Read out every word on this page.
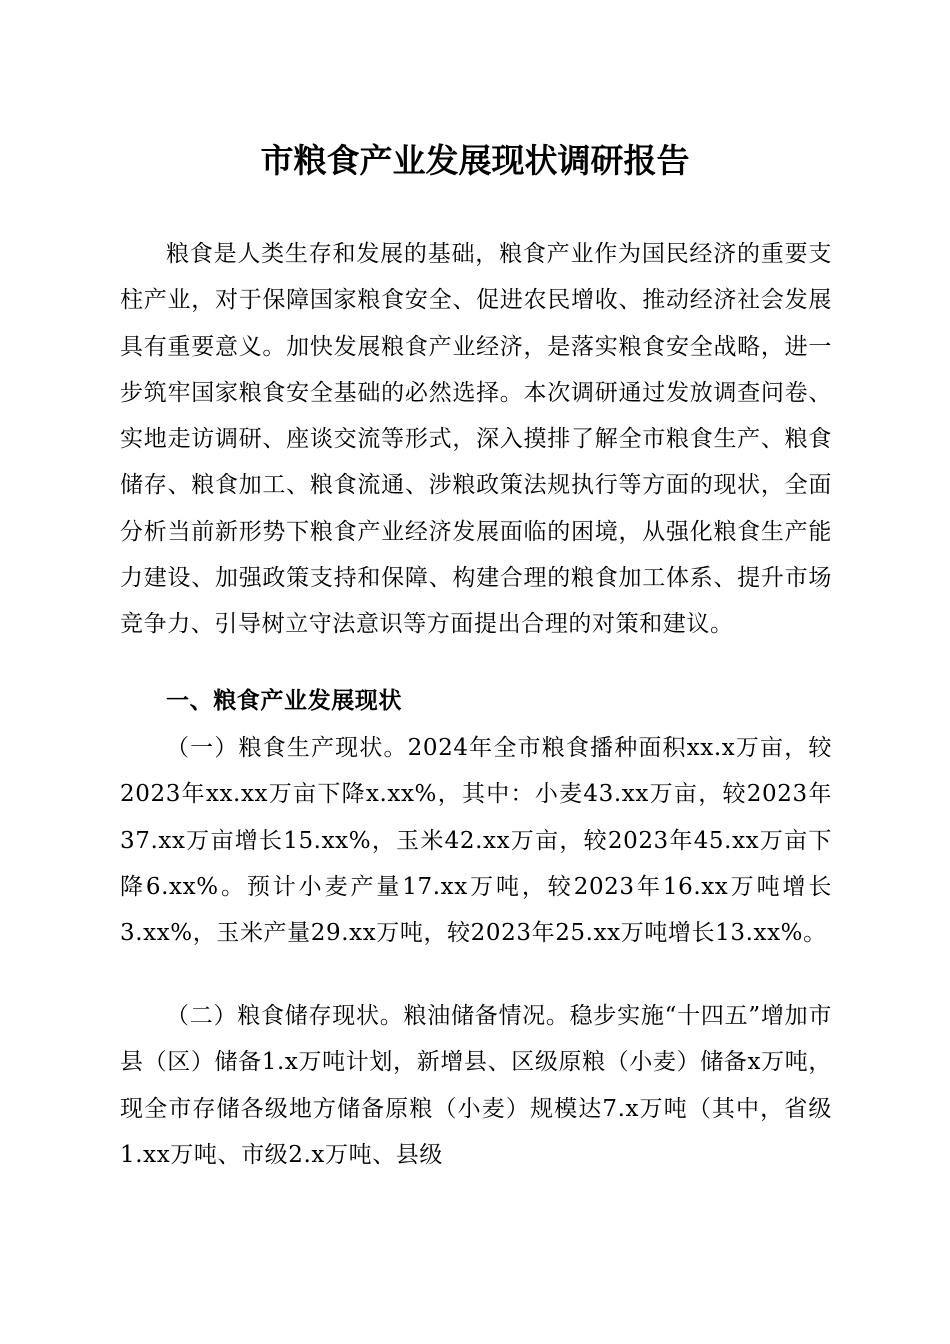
市粮食产业发展现状调研报告

粮食是人类生存和发展的基础，粮食产业作为国民经济的重要支柱产业，对于保障国家粮食安全、促进农民增收、推动经济社会发展具有重要意义。加快发展粮食产业经济，是落实粮食安全战略，进一步筑牢国家粮食安全基础的必然选择。本次调研通过发放调查问卷、实地走访调研、座谈交流等形式，深入摸排了解全市粮食生产、粮食储存、粮食加工、粮食流通、涉粮政策法规执行等方面的现状，全面分析当前新形势下粮食产业经济发展面临的困境，从强化粮食生产能力建设、加强政策支持和保障、构建合理的粮食加工体系、提升市场竞争力、引导树立守法意识等方面提出合理的对策和建议。

一、粮食产业发展现状

（一）粮食生产现状。2024年全市粮食播种面积xx.x万亩，较2023年xx.xx万亩下降x.xx%，其中：小麦43.xx万亩，较2023年37.xx万亩增长15.xx%，玉米42.xx万亩，较2023年45.xx万亩下降6.xx%。预计小麦产量17.xx万吨，较2023年16.xx万吨增长3.xx%，玉米产量29.xx万吨，较2023年25.xx万吨增长13.xx%。

（二）粮食储存现状。粮油储备情况。稳步实施“十四五”增加市县（区）储备1.x万吨计划，新增县、区级原粮（小麦）储备x万吨，现全市存储各级地方储备原粮（小麦）规模达7.x万吨（其中，省级1.xx万吨、市级2.x万吨、县级
